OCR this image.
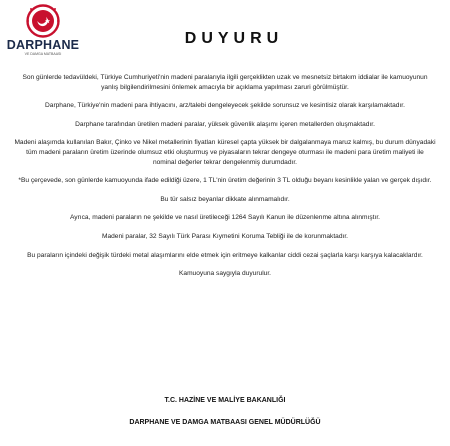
DARPHANE
VE DAMGA MATBAASI
DUYURU

Son günlerde tedavüldeki, Türkiye Cumhuriyeti'nin madeni paralarıyla ilgili gerçeklikten uzak ve mesnetsiz birtakım iddialar ile kamuoyunun yanlış bilgilendirilmesini önlemek amacıyla bir açıklama yapılması zaruri görülmüştür.

Darphane, Türkiye'nin madeni para ihtiyacını, arz/talebi dengeleyecek şekilde sorunsuz ve kesintisiz olarak karşılamaktadır.

Darphane tarafından üretilen madeni paralar, yüksek güvenlik alaşımı içeren metallerden oluşmaktadır.

Madeni alaşımda kullanılan Bakır, Çinko ve Nikel metallerinin fiyatları küresel çapta yüksek bir dalgalanmaya maruz kalmış, bu durum dünyadaki tüm madeni paraların üretim üzerinde olumsuz etki oluşturmuş ve piyasaların tekrar dengeye oturması ile madeni para üretim maliyeti ile nominal değerler tekrar dengelenmiş durumdadır.

*Bu çerçevede, son günlerde kamuoyunda ifade edildiği üzere, 1 TL'nin üretim değerinin 3 TL olduğu beyanı kesinlikle yalan ve gerçek dışıdır.

Bu tür salsız beyanlar dikkate alınmamalıdır.

Ayrıca, madeni paraların ne şekilde ve nasıl üretileceği 1264 Sayılı Kanun ile düzenlenme altına alınmıştır.

Madeni paralar, 32 Sayılı Türk Parası Kıymetini Koruma Tebliği ile de korunmaktadır.

Bu paraların içindeki değişik türdeki metal alaşımlarını elde etmek için eritmeye kalkanlar ciddi cezai şaçlarla karşı karşıya kalacaklardır.

Kamuoyuna saygıyla duyurulur.

T.C. HAZİNE VE MALİYE BAKANLIĞI
DARPHANE VE DAMGA MATBAASI GENEL MÜDÜRLÜĞÜ
